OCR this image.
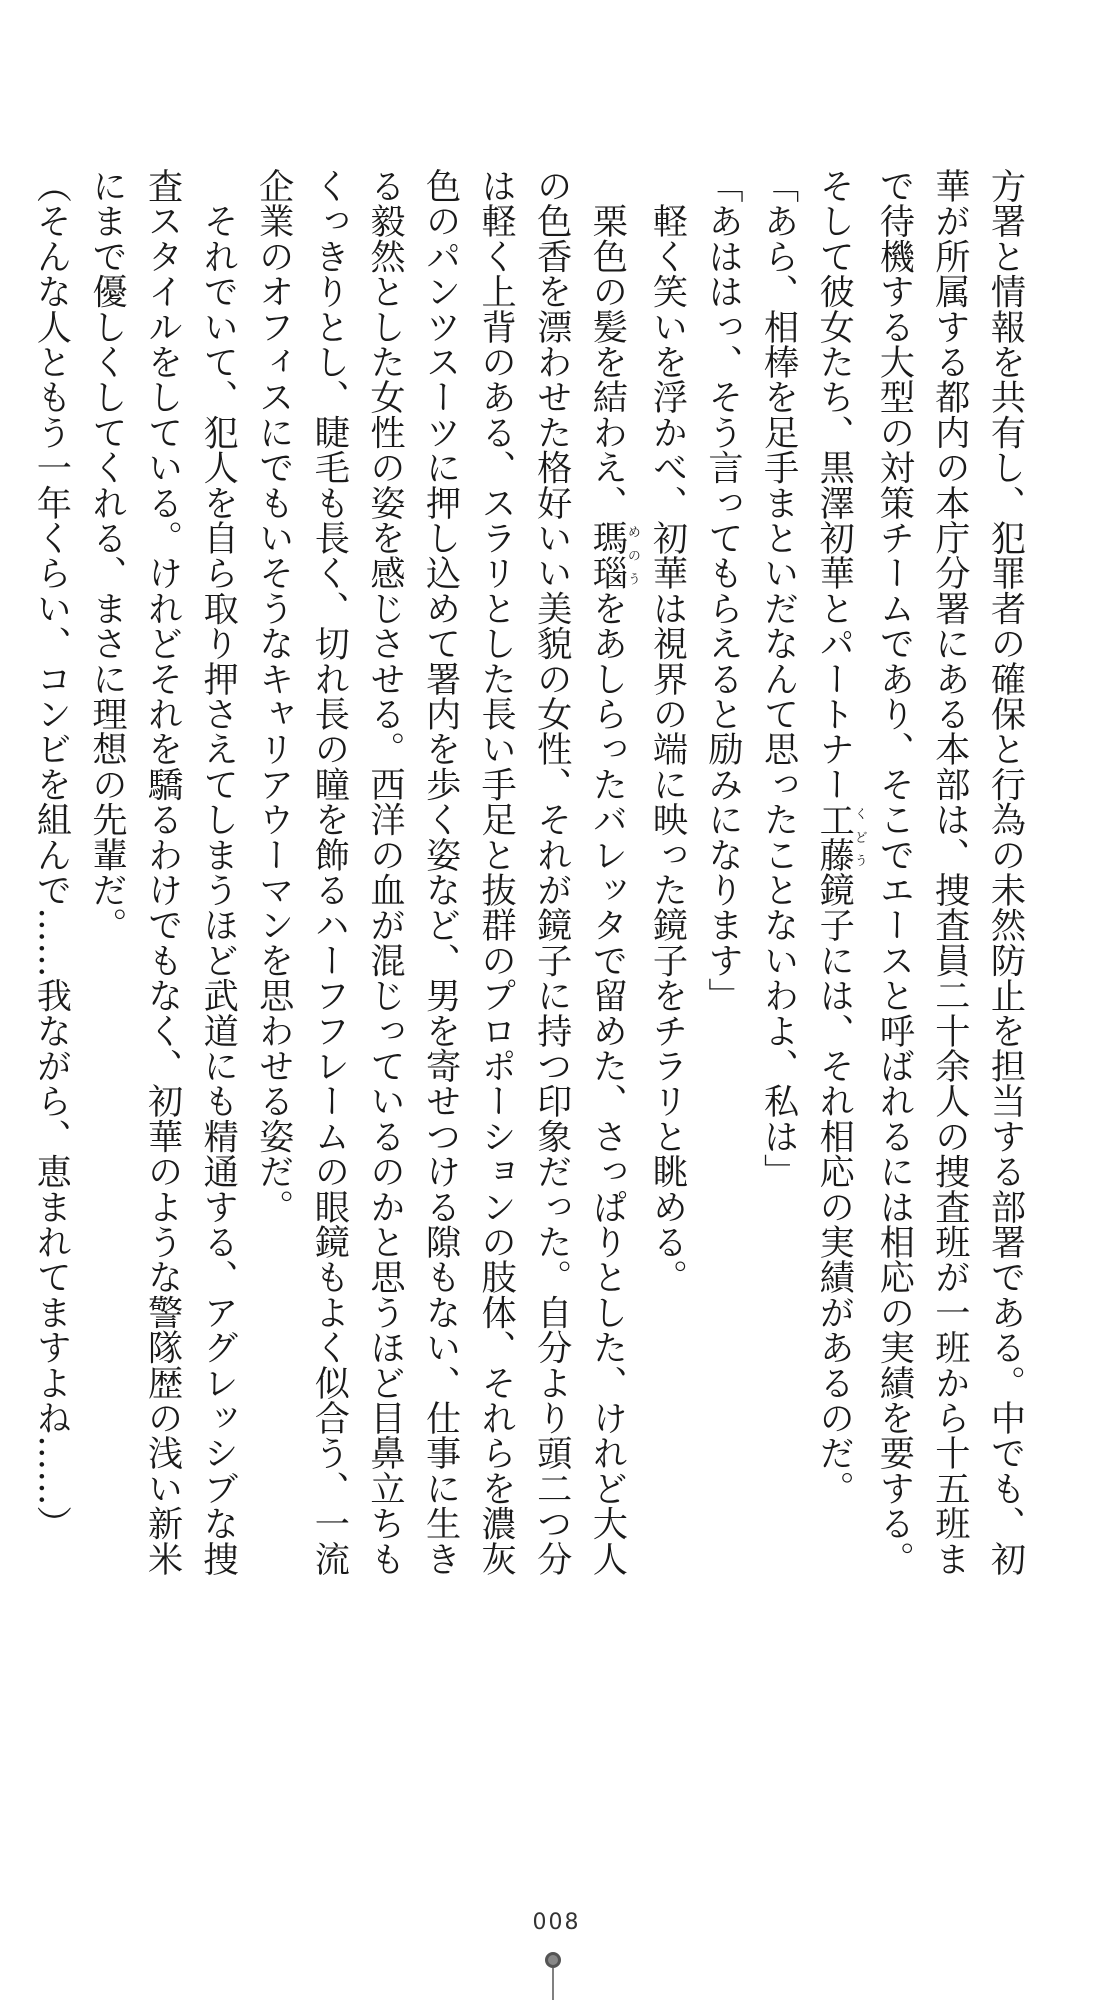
方署と情報を共有し、犯罪者の確保と行為の未然防止を担当する部署である。中でも、初
華が所属する都内の本庁分署にある本部は、捜査員二十余人の捜査班が一班から十五班ま
で待機する大型の対策チームであり、そこでエースと呼ばれるには相応の実績を要する。
そして彼女たち、黒澤初華とパートナー工藤くどう鏡子には、それ相応の実績があるのだ。
「あら、相棒を足手まといだなんて思ったことないわよ、私は」
「あははっ、そう言ってもらえると励みになります」
　軽く笑いを浮かべ、初華は視界の端に映った鏡子をチラリと眺める。
　栗色の髪を結わえ、瑪瑙めのうをあしらったバレッタで留めた、さっぱりとした、けれど大人
の色香を漂わせた格好いい美貌の女性、それが鏡子に持つ印象だった。自分より頭二つ分
は軽く上背のある、スラリとした長い手足と抜群のプロポーションの肢体、それらを濃灰
色のパンツスーツに押し込めて署内を歩く姿など、男を寄せつける隙もない、仕事に生き
る毅然とした女性の姿を感じさせる。西洋の血が混じっているのかと思うほど目鼻立ちも
くっきりとし、睫毛も長く、切れ長の瞳を飾るハーフフレームの眼鏡もよく似合う、一流
企業のオフィスにでもいそうなキャリアウーマンを思わせる姿だ。
　それでいて、犯人を自ら取り押さえてしまうほど武道にも精通する、アグレッシブな捜
査スタイルをしている。けれどそれを驕るわけでもなく、初華のような警隊歴の浅い新米
にまで優しくしてくれる、まさに理想の先輩だ。
（そんな人ともう一年くらい、コンビを組んで……我ながら、恵まれてますよね……）
008
